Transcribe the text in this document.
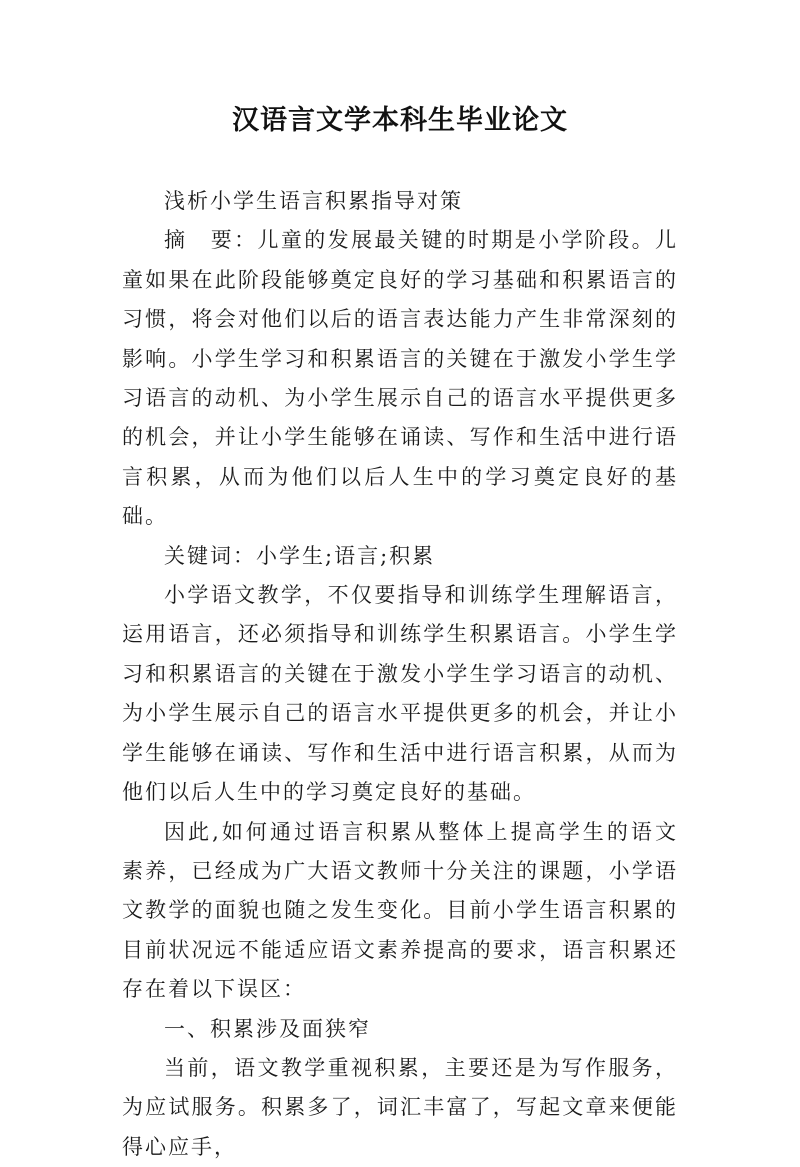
汉语言文学本科生毕业论文

浅析小学生语言积累指导对策

摘　要：儿童的发展最关键的时期是小学阶段。儿童如果在此阶段能够奠定良好的学习基础和积累语言的习惯，将会对他们以后的语言表达能力产生非常深刻的影响。小学生学习和积累语言的关键在于激发小学生学习语言的动机、为小学生展示自己的语言水平提供更多的机会，并让小学生能够在诵读、写作和生活中进行语言积累，从而为他们以后人生中的学习奠定良好的基础。

关键词：小学生;语言;积累

小学语文教学，不仅要指导和训练学生理解语言，运用语言，还必须指导和训练学生积累语言。小学生学习和积累语言的关键在于激发小学生学习语言的动机、为小学生展示自己的语言水平提供更多的机会，并让小学生能够在诵读、写作和生活中进行语言积累，从而为他们以后人生中的学习奠定良好的基础。

因此,如何通过语言积累从整体上提高学生的语文素养，已经成为广大语文教师十分关注的课题，小学语文教学的面貌也随之发生变化。目前小学生语言积累的目前状况远不能适应语文素养提高的要求，语言积累还存在着以下误区：

一、积累涉及面狭窄

当前，语文教学重视积累，主要还是为写作服务，为应试服务。积累多了，词汇丰富了，写起文章来便能得心应手，
